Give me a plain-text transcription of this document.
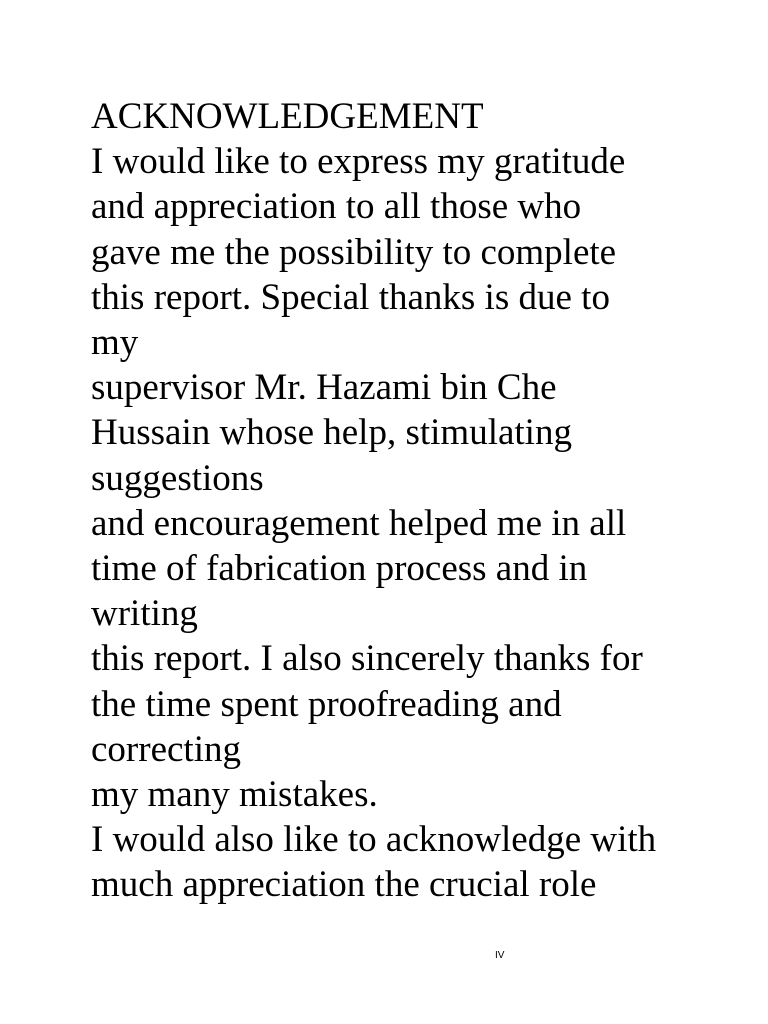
ACKNOWLEDGEMENT

I would like to express my gratitude

and appreciation to all those who

gave me the possibility to complete

this report. Special thanks is due to

my

supervisor Mr. Hazami bin Che

Hussain whose help, stimulating

suggestions

and encouragement helped me in all

time of fabrication process and in

writing

this report. I also sincerely thanks for

the time spent proofreading and

correcting

my many mistakes.

I would also like to acknowledge with

much appreciation the crucial role

IV
